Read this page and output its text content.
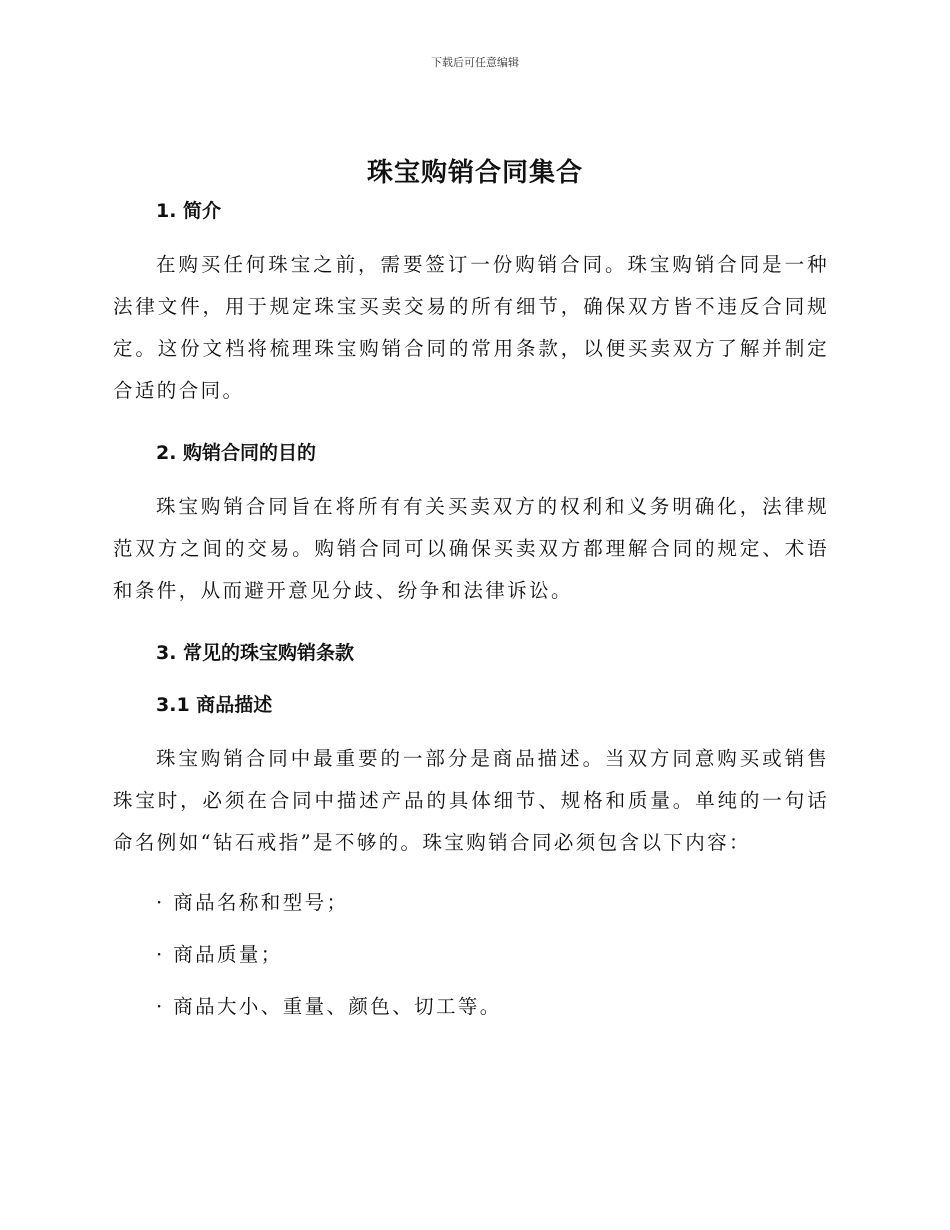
下载后可任意编辑
珠宝购销合同集合
1. 简介
在购买任何珠宝之前，需要签订一份购销合同。珠宝购销合同是一种法律文件，用于规定珠宝买卖交易的所有细节，确保双方皆不违反合同规定。这份文档将梳理珠宝购销合同的常用条款，以便买卖双方了解并制定合适的合同。
2. 购销合同的目的
珠宝购销合同旨在将所有有关买卖双方的权利和义务明确化，法律规范双方之间的交易。购销合同可以确保买卖双方都理解合同的规定、术语和条件，从而避开意见分歧、纷争和法律诉讼。
3. 常见的珠宝购销条款
3.1 商品描述
珠宝购销合同中最重要的一部分是商品描述。当双方同意购买或销售珠宝时，必须在合同中描述产品的具体细节、规格和质量。单纯的一句话命名例如“钻石戒指”是不够的。珠宝购销合同必须包含以下内容：
· 商品名称和型号；
· 商品质量；
· 商品大小、重量、颜色、切工等。
